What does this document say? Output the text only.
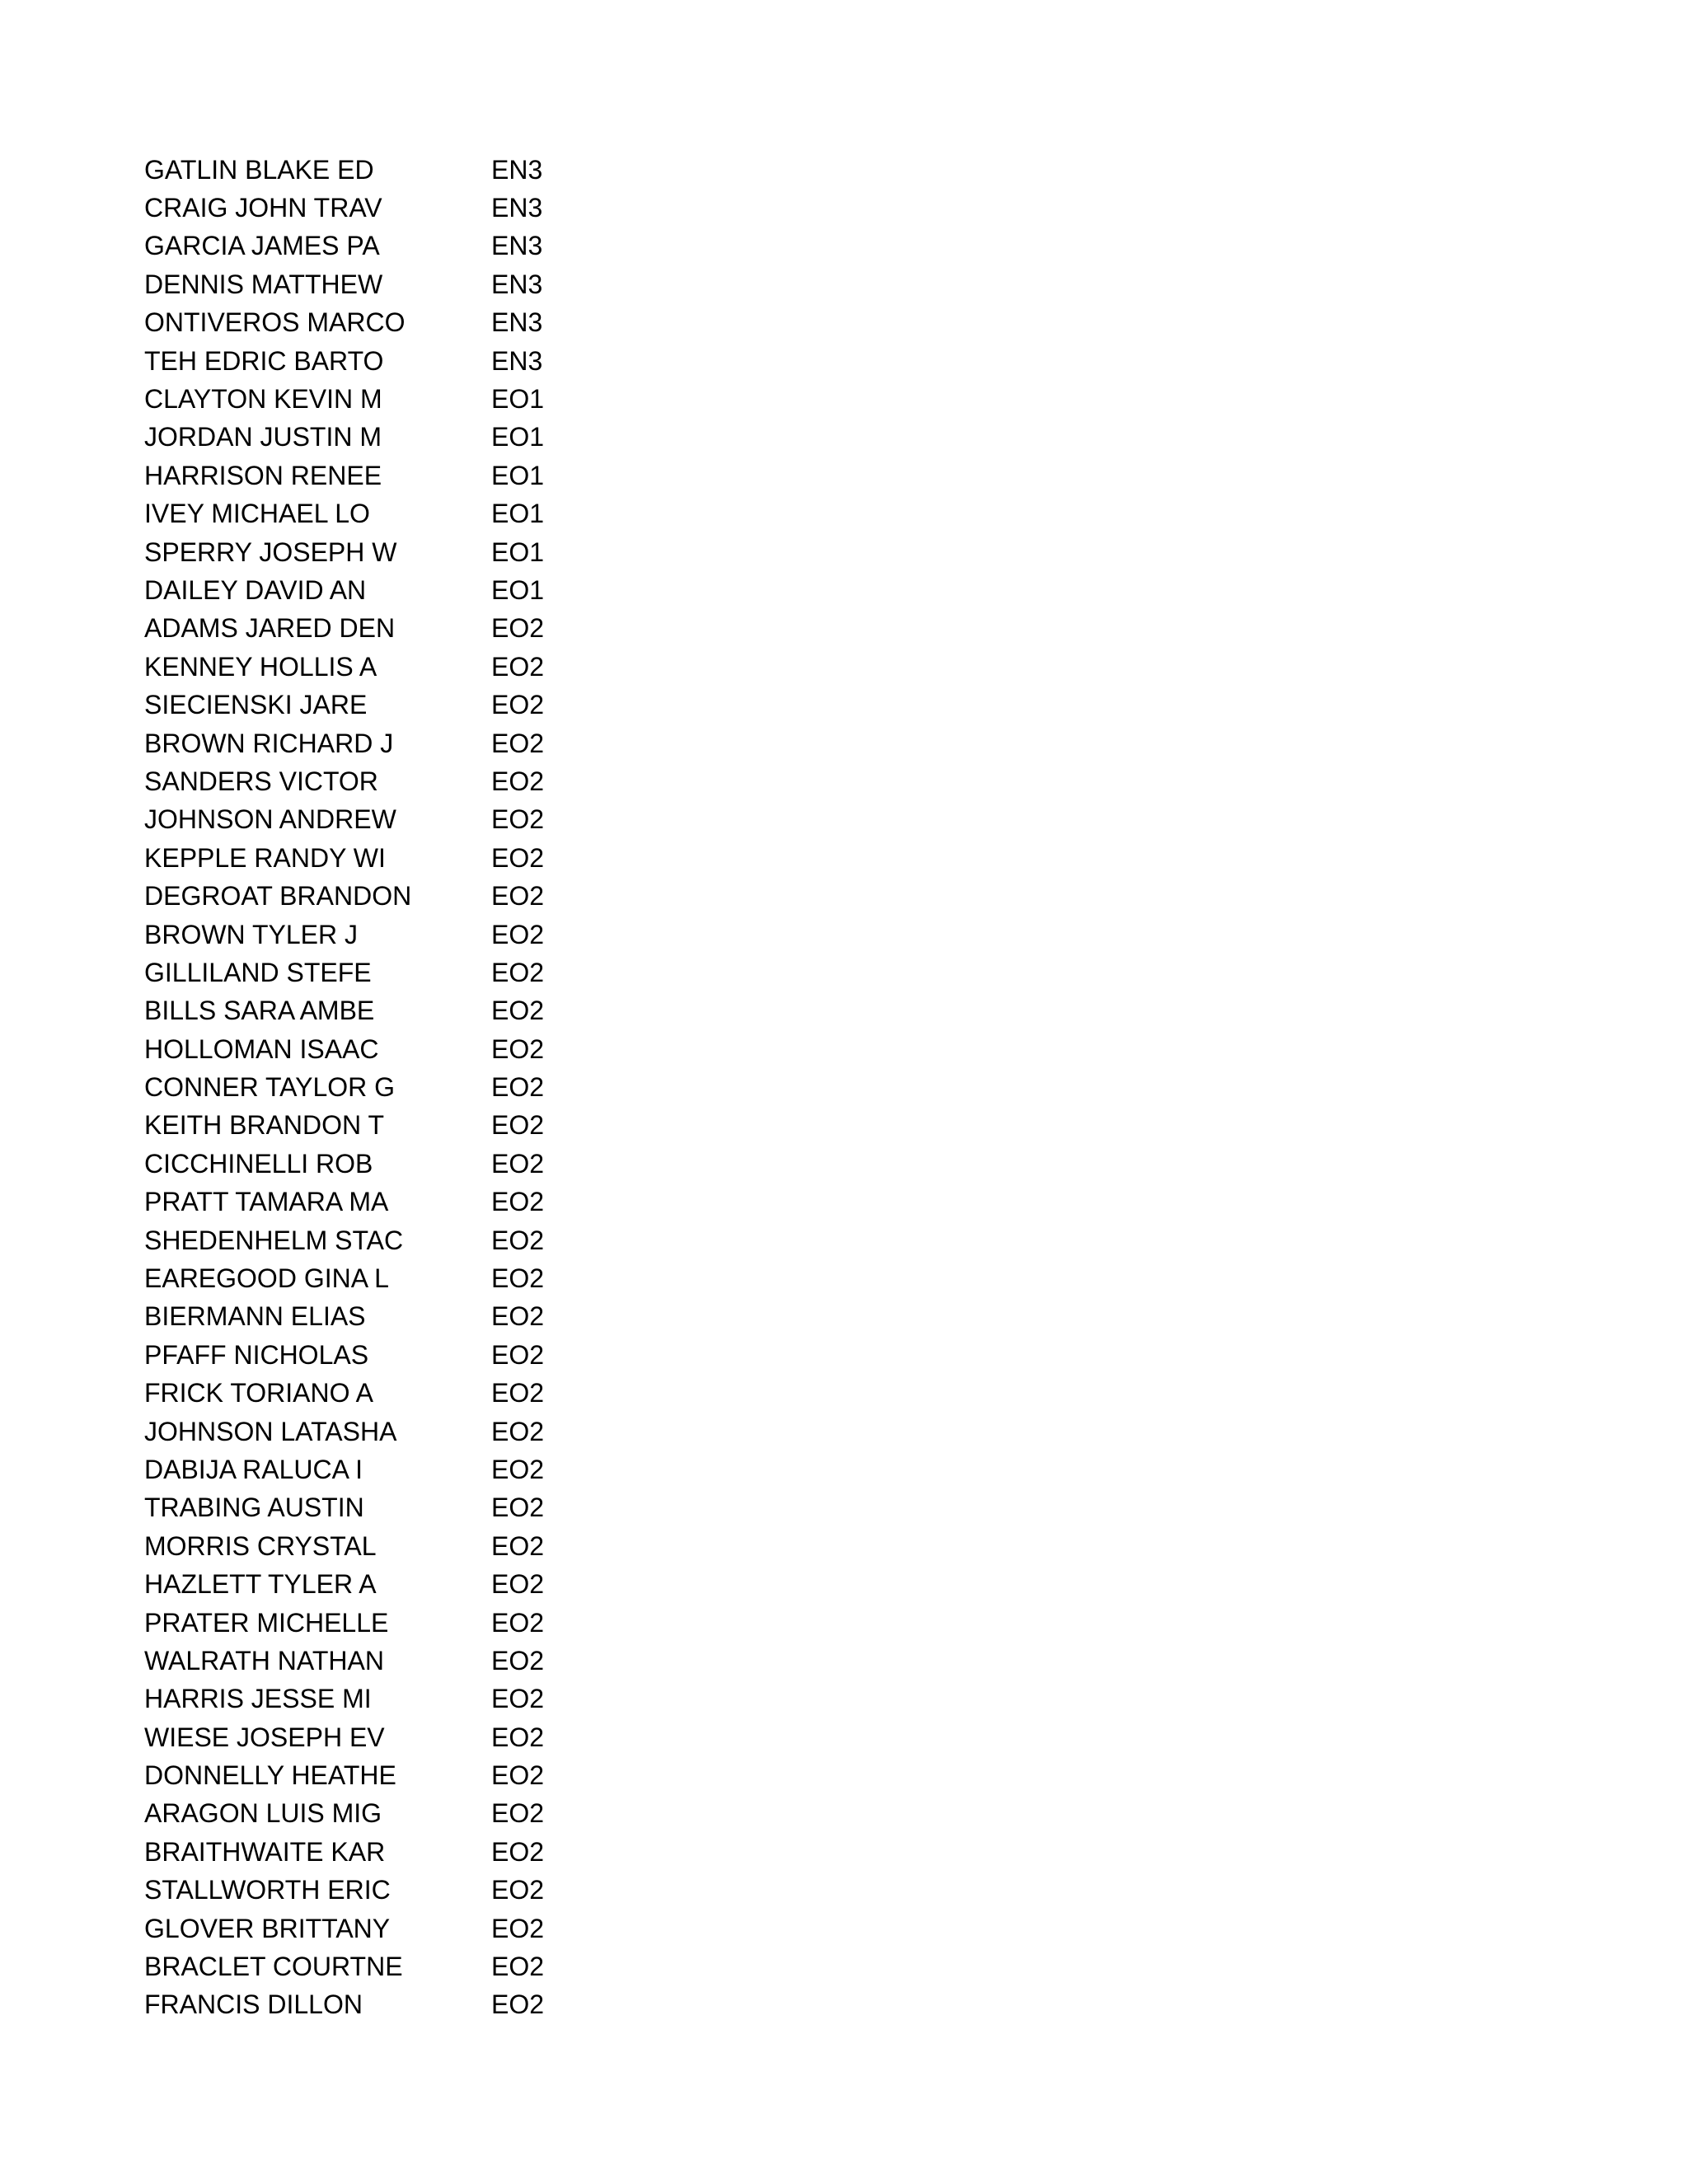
GATLIN BLAKE ED	EN3
CRAIG JOHN TRAV	EN3
GARCIA JAMES PA	EN3
DENNIS MATTHEW	EN3
ONTIVEROS MARCO	EN3
TEH EDRIC BARTO	EN3
CLAYTON KEVIN M	EO1
JORDAN JUSTIN M	EO1
HARRISON RENEE	EO1
IVEY MICHAEL LO	EO1
SPERRY JOSEPH W	EO1
DAILEY DAVID AN	EO1
ADAMS JARED DEN	EO2
KENNEY HOLLIS A	EO2
SIECIENSKI JARE	EO2
BROWN RICHARD J	EO2
SANDERS VICTOR	EO2
JOHNSON ANDREW	EO2
KEPPLE RANDY WI	EO2
DEGROAT BRANDON	EO2
BROWN TYLER J	EO2
GILLILAND STEFE	EO2
BILLS SARA AMBE	EO2
HOLLOMAN ISAAC	EO2
CONNER TAYLOR G	EO2
KEITH BRANDON T	EO2
CICCHINELLI ROB	EO2
PRATT TAMARA MA	EO2
SHEDENHELM STAC	EO2
EAREGOOD GINA L	EO2
BIERMANN ELIAS	EO2
PFAFF NICHOLAS	EO2
FRICK TORIANO A	EO2
JOHNSON LATASHA	EO2
DABIJA RALUCA I	EO2
TRABING AUSTIN	EO2
MORRIS CRYSTAL	EO2
HAZLETT TYLER A	EO2
PRATER MICHELLE	EO2
WALRATH NATHAN	EO2
HARRIS JESSE MI	EO2
WIESE JOSEPH EV	EO2
DONNELLY HEATHE	EO2
ARAGON LUIS MIG	EO2
BRAITHWAITE KAR	EO2
STALLWORTH ERIC	EO2
GLOVER BRITTANY	EO2
BRACLET COURTNE	EO2
FRANCIS DILLON	EO2
